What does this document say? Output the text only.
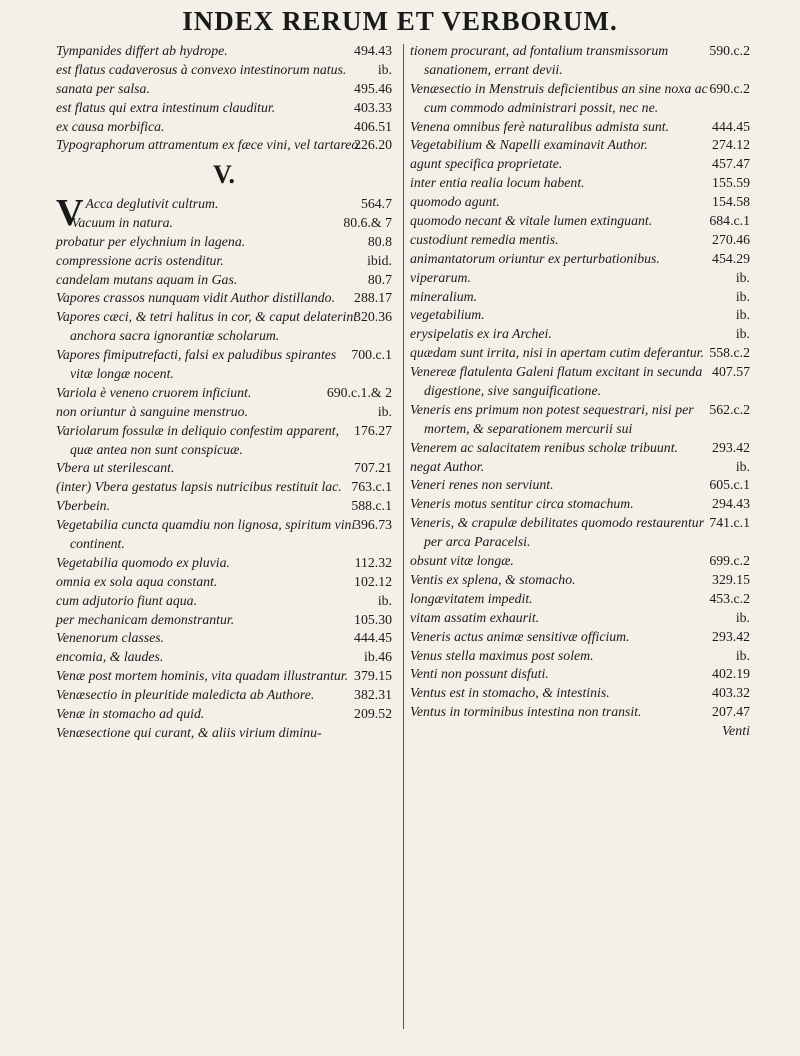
INDEX RERUM ET VERBORUM.
494.43
Tympanides differt ab hydrope.
ib.
est flatus cadaverosus à convexo intestinorum natus.
495.46
sanata per salsa.
403.33
est flatus qui extra intestinum clauditur.
406.51
ex causa morbifica.
226.20
Typographorum attramentum ex fæce vini, vel tartareo.
V.
V	564.7
Acca deglutivit cultrum.
80.6.& 7
Vacuum in natura.
80.8
probatur per elychnium in lagena.
ibid.
compressione acris ostenditur.
80.7
candelam mutans aquam in Gas.
288.17
Vapores crassos nunquam vidit Author distillando.
320.36
Vapores cæci, & tetri halitus in cor, & caput delaterint anchora sacra ignorantiæ scholarum.
700.c.1
Vapores fimiputrefacti, falsi ex paludibus spirantes vitæ longæ nocent.
690.c.1.& 2
Variola è veneno cruorem inficiunt.
ib.
non oriuntur à sanguine menstruo.
176.27
Variolarum fossulæ in deliquio confestim apparent, quæ antea non sunt conspicuæ.
707.21
Vbera ut sterilescant.
763.c.1
(inter) Vbera gestatus lapsis nutricibus restituit lac.
588.c.1
Vberbein.
396.73
Vegetabilia cuncta quamdiu non lignosa, spiritum vini continent.
112.32
Vegetabilia quomodo ex pluvia.
102.12
omnia ex sola aqua constant.
ib.
cum adjutorio fiunt aqua.
105.30
per mechanicam demonstrantur.
444.45
Venenorum classes.
ib.46
encomia, & laudes.
379.15
Venæ post mortem hominis, vita quadam illustrantur.
382.31
Venæsectio in pleuritide maledicta ab Authore.
209.52
Venæ in stomacho ad quid.
Venæsectione qui curant, & aliis virium diminu-
590.c.2
tionem procurant, ad fontalium transmissorum sanationem, errant devii.
690.c.2
Venæsectio in Menstruis deficientibus an sine noxa ac cum commodo administrari possit, nec ne.
444.45
Venena omnibus ferè naturalibus admista sunt.
274.12
Vegetabilium & Napelli examinavit Author.
457.47
agunt specifica proprietate.
155.59
inter entia realia locum habent.
154.58
quomodo agunt.
684.c.1
quomodo necant & vitale lumen extinguant.
270.46
custodiunt remedia mentis.
454.29
animantatorum oriuntur ex perturbationibus.
ib.
viperarum.
ib.
mineralium.
ib.
vegetabilium.
ib.
erysipelatis ex ira Archei.
558.c.2
quædam sunt irrita, nisi in apertam cutim deferantur.
407.57
Venereæ flatulenta Galeni flatum excitant in secunda digestione, sive sanguificatione.
562.c.2
Veneris ens primum non potest sequestrari, nisi per mortem, & separationem mercurii sui
293.42
Venerem ac salacitatem renibus scholæ tribuunt.
ib.
negat Author.
605.c.1
Veneri renes non serviunt.
294.43
Veneris motus sentitur circa stomachum.
741.c.1
Veneris, & crapulæ debilitates quomodo restaurentur per arca Paracelsi.
699.c.2
obsunt vitæ longæ.
329.15
Ventis ex splena, & stomacho.
453.c.2
longævitatem impedit.
ib.
vitam assatim exhaurit.
293.42
Veneris actus animæ sensitivæ officium.
ib.
Venus stella maximus post solem.
402.19
Venti non possunt disfuti.
403.32
Ventus est in stomacho, & intestinis.
207.47
Ventus in torminibus intestina non transit.
Venti
